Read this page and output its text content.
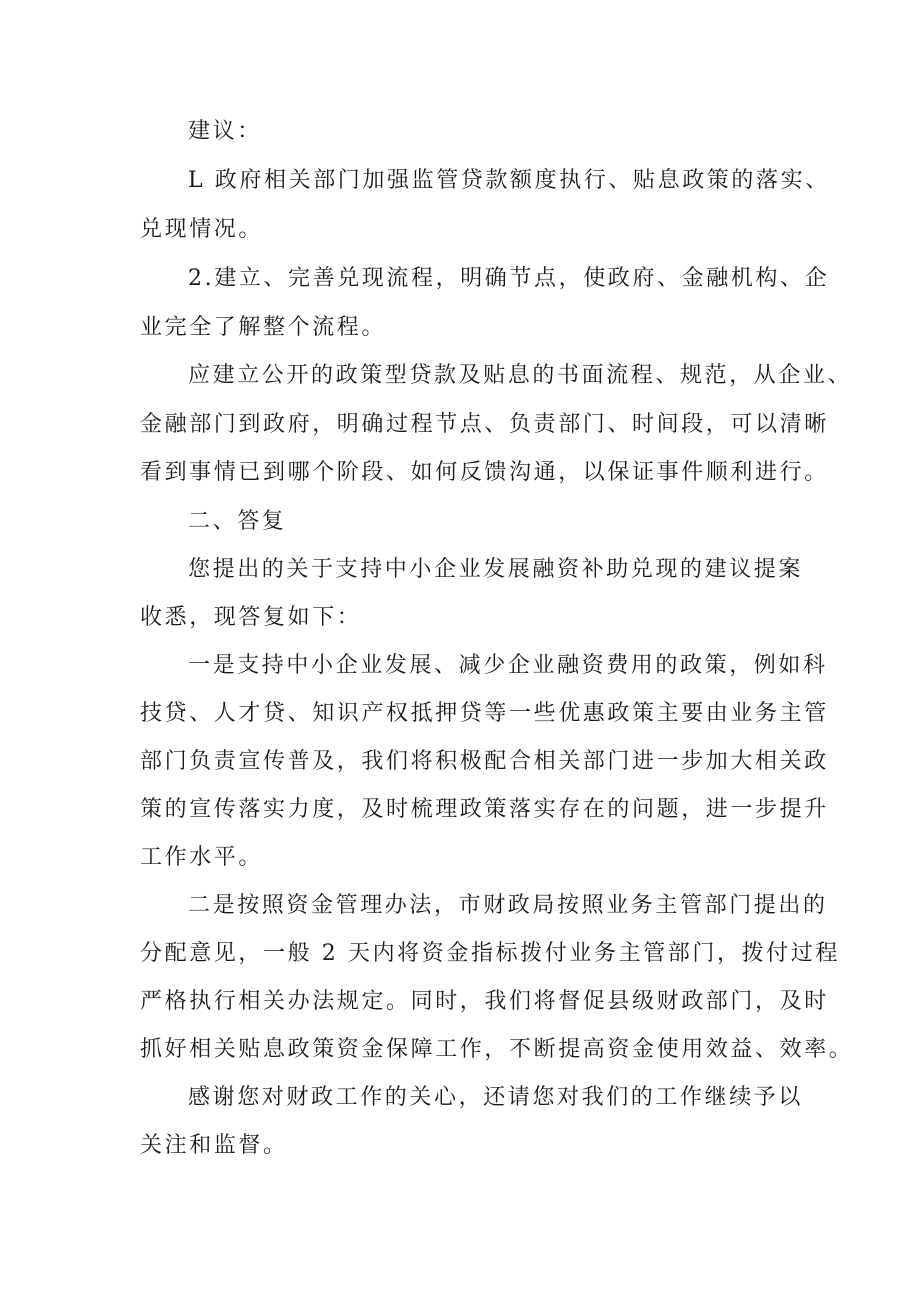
建议：
L 政府相关部门加强监管贷款额度执行、贴息政策的落实、
兑现情况。
2.建立、完善兑现流程，明确节点，使政府、金融机构、企
业完全了解整个流程。
应建立公开的政策型贷款及贴息的书面流程、规范，从企业、
金融部门到政府，明确过程节点、负责部门、时间段，可以清晰
看到事情已到哪个阶段、如何反馈沟通，以保证事件顺利进行。
二、答复
您提出的关于支持中小企业发展融资补助兑现的建议提案
收悉，现答复如下：
一是支持中小企业发展、减少企业融资费用的政策，例如科
技贷、人才贷、知识产权抵押贷等一些优惠政策主要由业务主管
部门负责宣传普及，我们将积极配合相关部门进一步加大相关政
策的宣传落实力度，及时梳理政策落实存在的问题，进一步提升
工作水平。
二是按照资金管理办法，市财政局按照业务主管部门提出的
分配意见，一般 2 天内将资金指标拨付业务主管部门，拨付过程
严格执行相关办法规定。同时，我们将督促县级财政部门，及时
抓好相关贴息政策资金保障工作，不断提高资金使用效益、效率。
感谢您对财政工作的关心，还请您对我们的工作继续予以
关注和监督。
